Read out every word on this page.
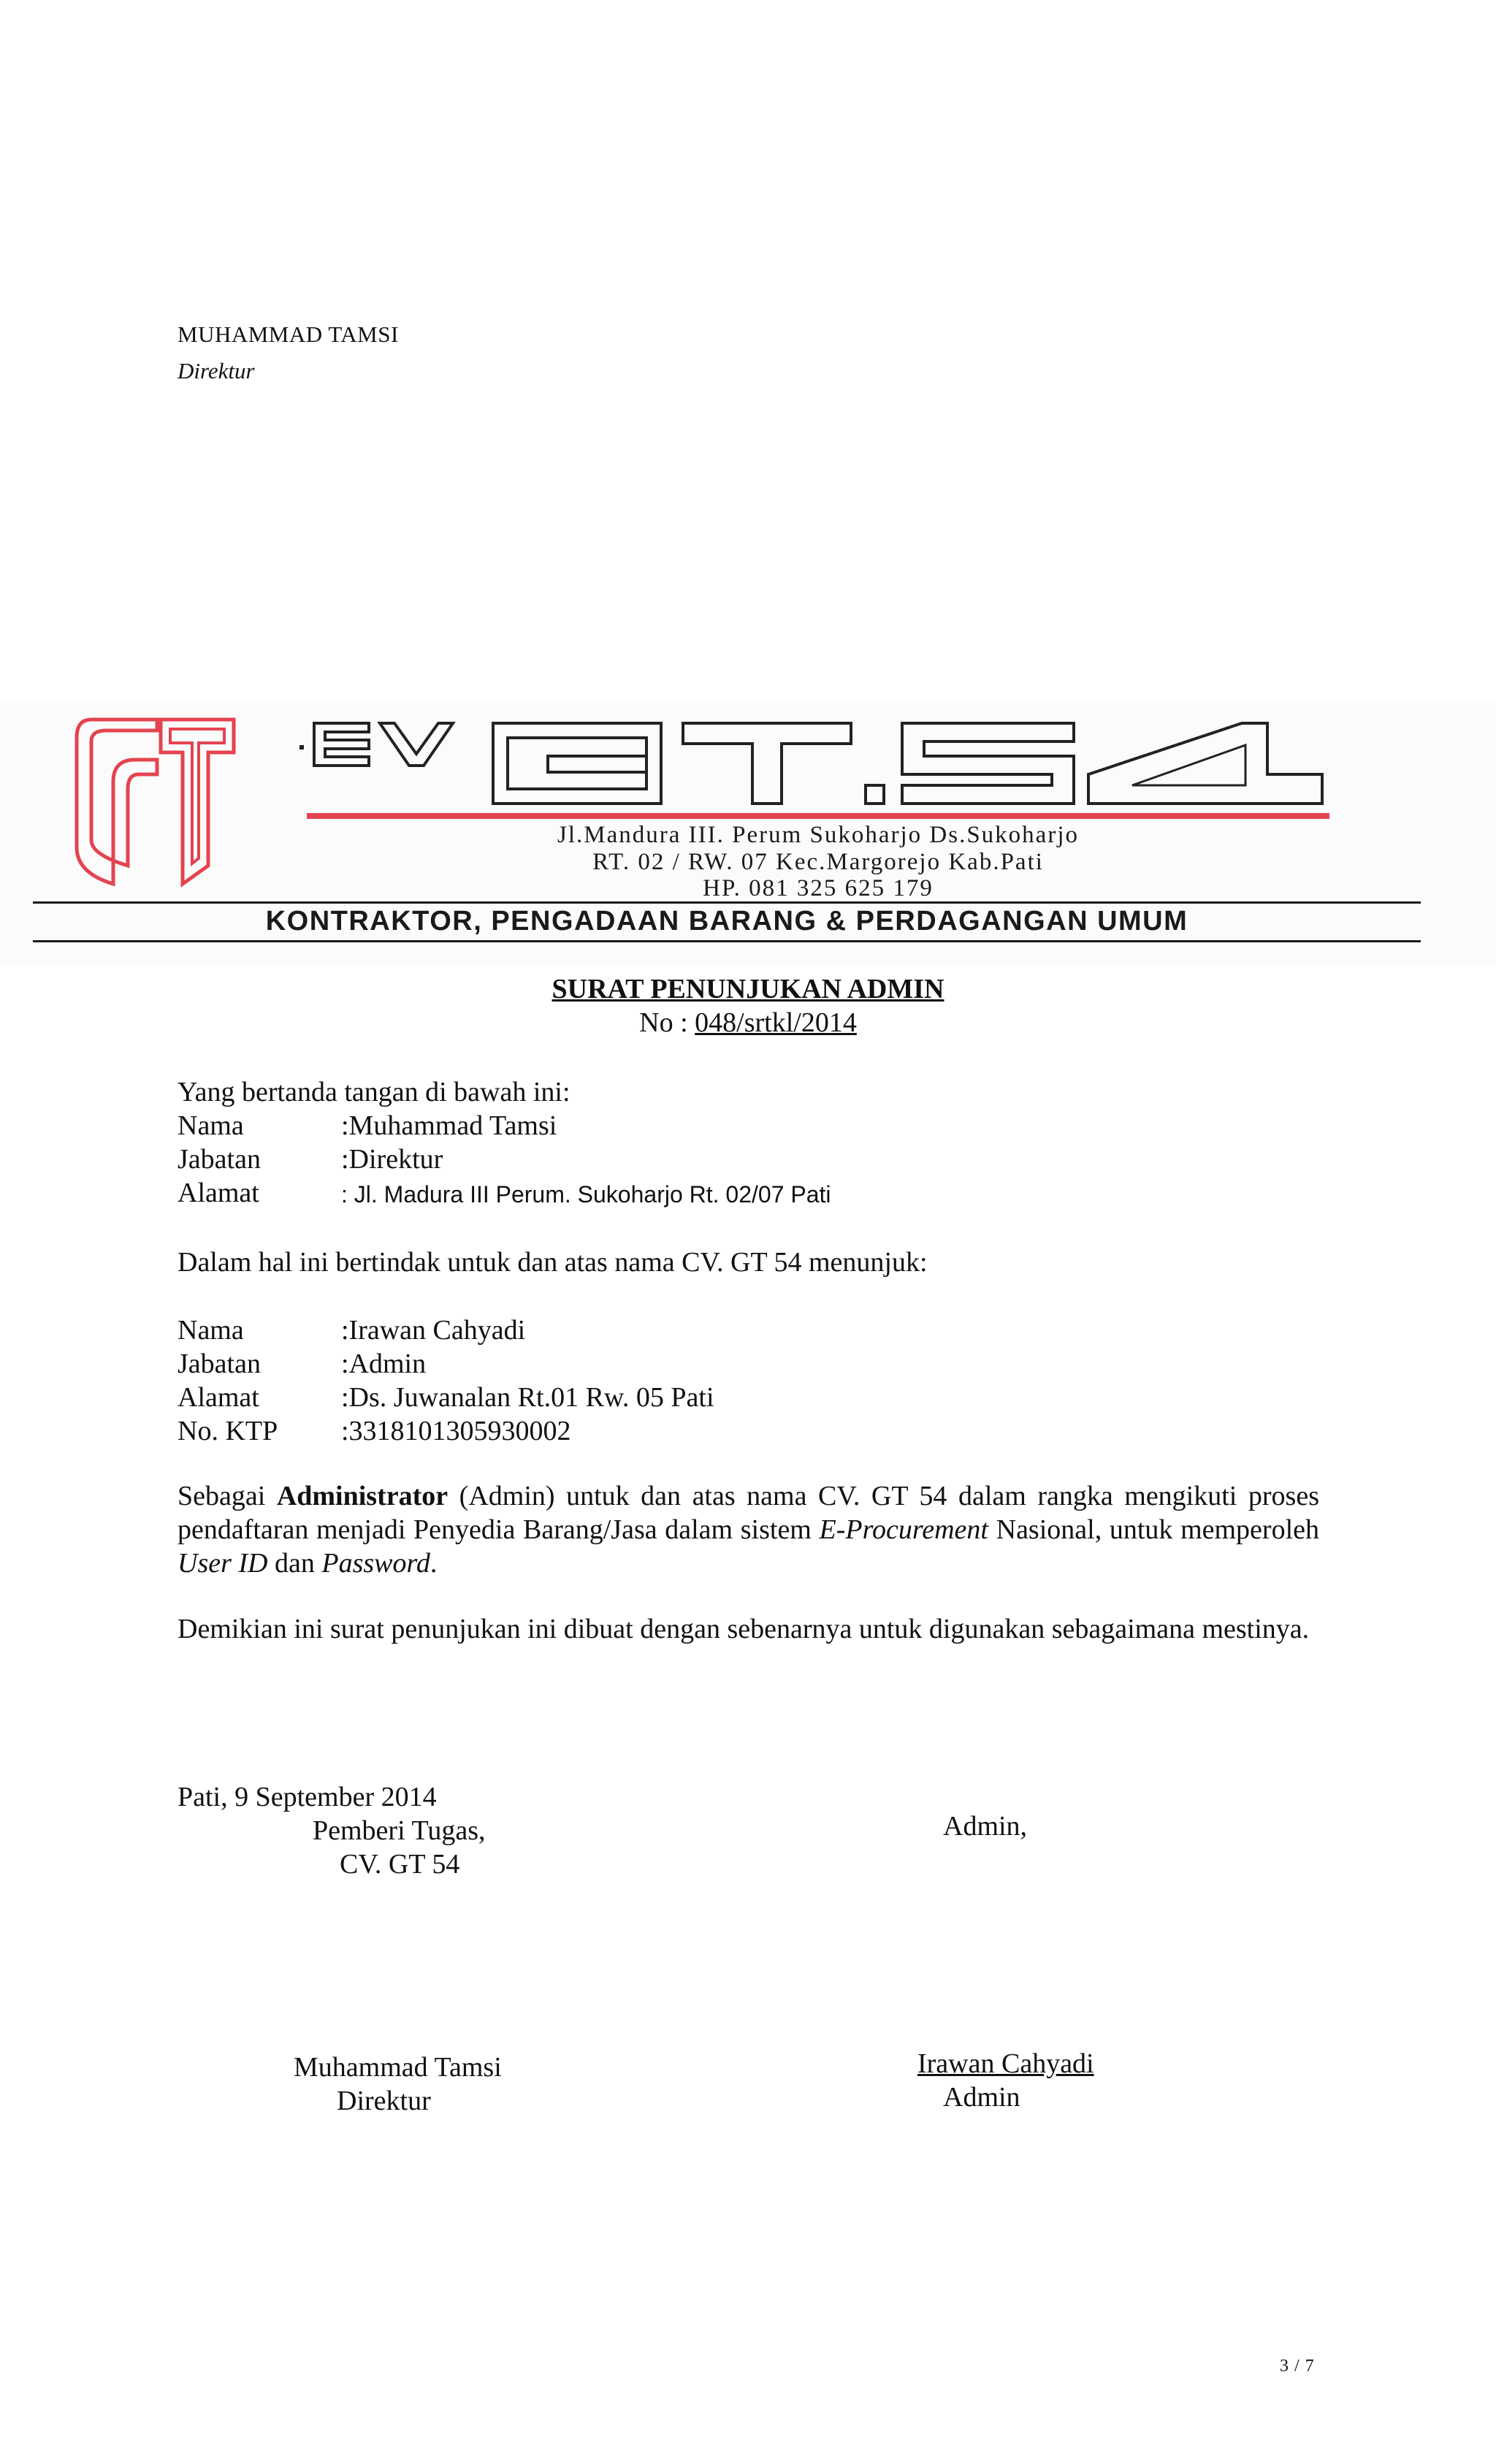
MUHAMMAD TAMSI
Direktur
Jl.Mandura III. Perum Sukoharjo Ds.Sukoharjo
RT. 02 / RW. 07 Kec.Margorejo Kab.Pati
HP. 081 325 625 179
KONTRAKTOR, PENGADAAN BARANG & PERDAGANGAN UMUM
SURAT PENUNJUKAN ADMIN
No : 048/srtkl/2014
Yang bertanda tangan di bawah ini:
Nama	:Muhammad Tamsi
Jabatan	:Direktur
Alamat	: Jl. Madura III Perum. Sukoharjo Rt. 02/07 Pati
Dalam hal ini bertindak untuk dan atas nama CV. GT 54 menunjuk:
Nama	:Irawan Cahyadi
Jabatan	:Admin
Alamat	:Ds. Juwanalan Rt.01 Rw. 05 Pati
No. KTP :3318101305930002
Sebagai Administrator (Admin) untuk dan atas nama CV. GT 54 dalam rangka mengikuti proses pendaftaran menjadi Penyedia Barang/Jasa dalam sistem E-Procurement Nasional, untuk memperoleh User ID dan Password.
Demikian ini surat penunjukan ini dibuat dengan sebenarnya untuk digunakan sebagaimana mestinya.
Pati, 9 September 2014
Pemberi Tugas,
CV. GT 54
Admin,
Muhammad Tamsi
Direktur
Irawan Cahyadi
Admin
3 / 7
